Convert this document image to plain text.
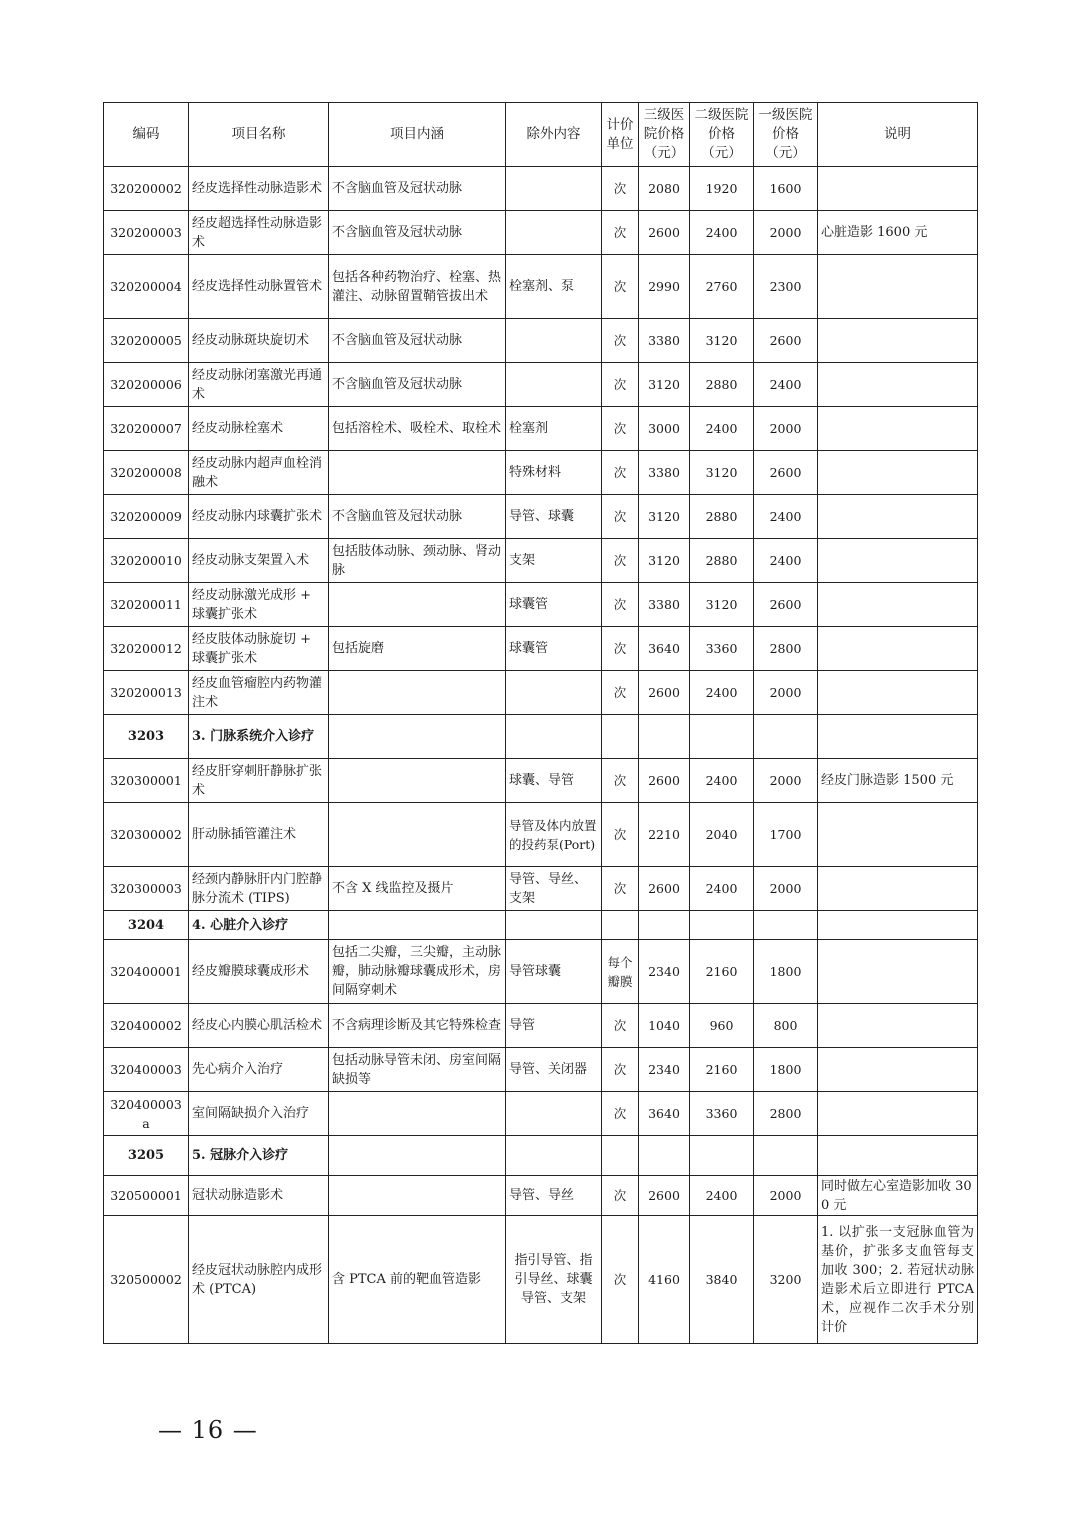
编码	项目名称	项目内涵	除外内容	计价单位	三级医院价格（元）	二级医院价格（元）	一级医院价格（元）	说明
320200002	经皮选择性动脉造影术	不含脑血管及冠状动脉		次	2080	1920	1600	
320200003	经皮超选择性动脉造影术	不含脑血管及冠状动脉		次	2600	2400	2000	心脏造影 1600 元
320200004	经皮选择性动脉置管术	包括各种药物治疗、栓塞、热灌注、动脉留置鞘管拔出术	栓塞剂、泵	次	2990	2760	2300	
320200005	经皮动脉斑块旋切术	不含脑血管及冠状动脉		次	3380	3120	2600	
320200006	经皮动脉闭塞激光再通术	不含脑血管及冠状动脉		次	3120	2880	2400	
320200007	经皮动脉栓塞术	包括溶栓术、吸栓术、取栓术	栓塞剂	次	3000	2400	2000	
320200008	经皮动脉内超声血栓消融术		特殊材料	次	3380	3120	2600	
320200009	经皮动脉内球囊扩张术	不含脑血管及冠状动脉	导管、球囊	次	3120	2880	2400	
320200010	经皮动脉支架置入术	包括肢体动脉、颈动脉、肾动脉	支架	次	3120	2880	2400	
320200011	经皮动脉激光成形 + 球囊扩张术		球囊管	次	3380	3120	2600	
320200012	经皮肢体动脉旋切 + 球囊扩张术	包括旋磨	球囊管	次	3640	3360	2800	
320200013	经皮血管瘤腔内药物灌注术			次	2600	2400	2000	
3203	3. 门脉系统介入诊疗							
320300001	经皮肝穿刺肝静脉扩张术		球囊、导管	次	2600	2400	2000	经皮门脉造影 1500 元
320300002	肝动脉插管灌注术		导管及体内放置的投药泵(Port)	次	2210	2040	1700	
320300003	经颈内静脉肝内门腔静脉分流术 (TIPS)	不含 X 线监控及摄片	导管、导丝、支架	次	2600	2400	2000	
3204	4. 心脏介入诊疗							
320400001	经皮瓣膜球囊成形术	包括二尖瓣，三尖瓣，主动脉瓣，肺动脉瓣球囊成形术，房间隔穿刺术	导管球囊	每个瓣膜	2340	2160	1800	
320400002	经皮心内膜心肌活检术	不含病理诊断及其它特殊检查	导管	次	1040	960	800	
320400003	先心病介入治疗	包括动脉导管未闭、房室间隔缺损等	导管、关闭器	次	2340	2160	1800	
320400003a	室间隔缺损介入治疗			次	3640	3360	2800	
3205	5. 冠脉介入诊疗							
320500001	冠状动脉造影术		导管、导丝	次	2600	2400	2000	同时做左心室造影加收 300 元
320500002	经皮冠状动脉腔内成形术 (PTCA)	含 PTCA 前的靶血管造影	指引导管、指引导丝、球囊导管、支架	次	4160	3840	3200	1. 以扩张一支冠脉血管为基价，扩张多支血管每支加收 300；2. 若冠状动脉造影术后立即进行 PTCA 术，应视作二次手术分别计价
— 16 —
